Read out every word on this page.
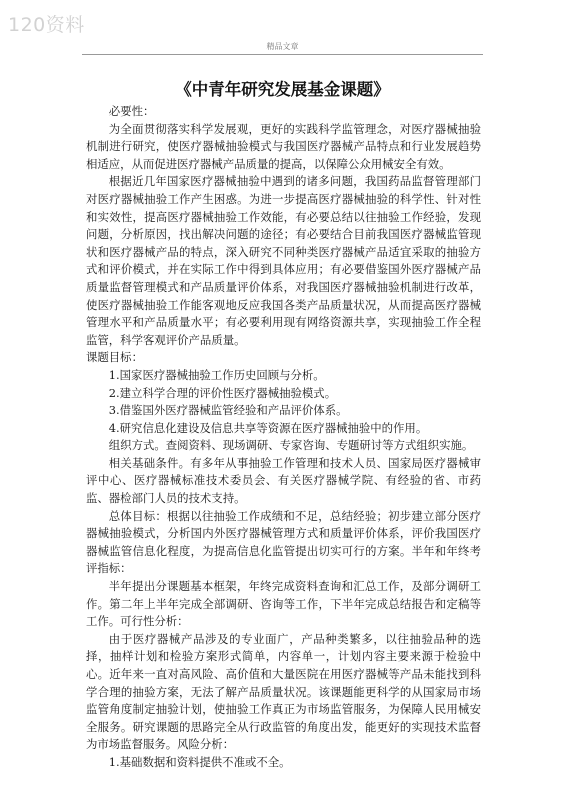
120资料
精品文章
《中青年研究发展基金课题》

必要性：

为全面贯彻落实科学发展观，更好的实践科学监管理念，对医疗器械抽验机制进行研究，使医疗器械抽验模式与我国医疗器械产品特点和行业发展趋势相适应，从而促进医疗器械产品质量的提高，以保障公众用械安全有效。

根据近几年国家医疗器械抽验中遇到的诸多问题，我国药品监督管理部门对医疗器械抽验工作产生困惑。为进一步提高医疗器械抽验的科学性、针对性和实效性，提高医疗器械抽验工作效能，有必要总结以往抽验工作经验，发现问题，分析原因，找出解决问题的途径；有必要结合目前我国医疗器械监管现状和医疗器械产品的特点，深入研究不同种类医疗器械产品适宜采取的抽验方式和评价模式，并在实际工作中得到具体应用；有必要借鉴国外医疗器械产品质量监督管理模式和产品质量评价体系，对我国医疗器械抽验机制进行改革，使医疗器械抽验工作能客观地反应我国各类产品质量状况，从而提高医疗器械管理水平和产品质量水平；有必要利用现有网络资源共享，实现抽验工作全程监管，科学客观评价产品质量。

课题目标：

1.国家医疗器械抽验工作历史回顾与分析。

2.建立科学合理的评价性医疗器械抽验模式。

3.借鉴国外医疗器械监管经验和产品评价体系。

4.研究信息化建设及信息共享等资源在医疗器械抽验中的作用。

组织方式。查阅资料、现场调研、专家咨询、专题研讨等方式组织实施。

相关基础条件。有多年从事抽验工作管理和技术人员、国家局医疗器械审评中心、医疗器械标准技术委员会、有关医疗器械学院、有经验的省、市药监、器检部门人员的技术支持。

总体目标：根据以往抽验工作成绩和不足，总结经验；初步建立部分医疗器械抽验模式，分析国内外医疗器械管理方式和质量评价体系，评价我国医疗器械监管信息化程度，为提高信息化监管提出切实可行的方案。半年和年终考评指标：

半年提出分课题基本框架，年终完成资料查询和汇总工作，及部分调研工作。第二年上半年完成全部调研、咨询等工作，下半年完成总结报告和定稿等工作。可行性分析：

由于医疗器械产品涉及的专业面广，产品种类繁多，以往抽验品种的选择，抽样计划和检验方案形式简单，内容单一，计划内容主要来源于检验中心。近年来一直对高风险、高价值和大量医院在用医疗器械等产品未能找到科学合理的抽验方案，无法了解产品质量状况。该课题能更科学的从国家局市场监管角度制定抽验计划，使抽验工作真正为市场监管服务，为保障人民用械安全服务。研究课题的思路完全从行政监管的角度出发，能更好的实现技术监督为市场监督服务。风险分析：

1.基础数据和资料提供不准或不全。
